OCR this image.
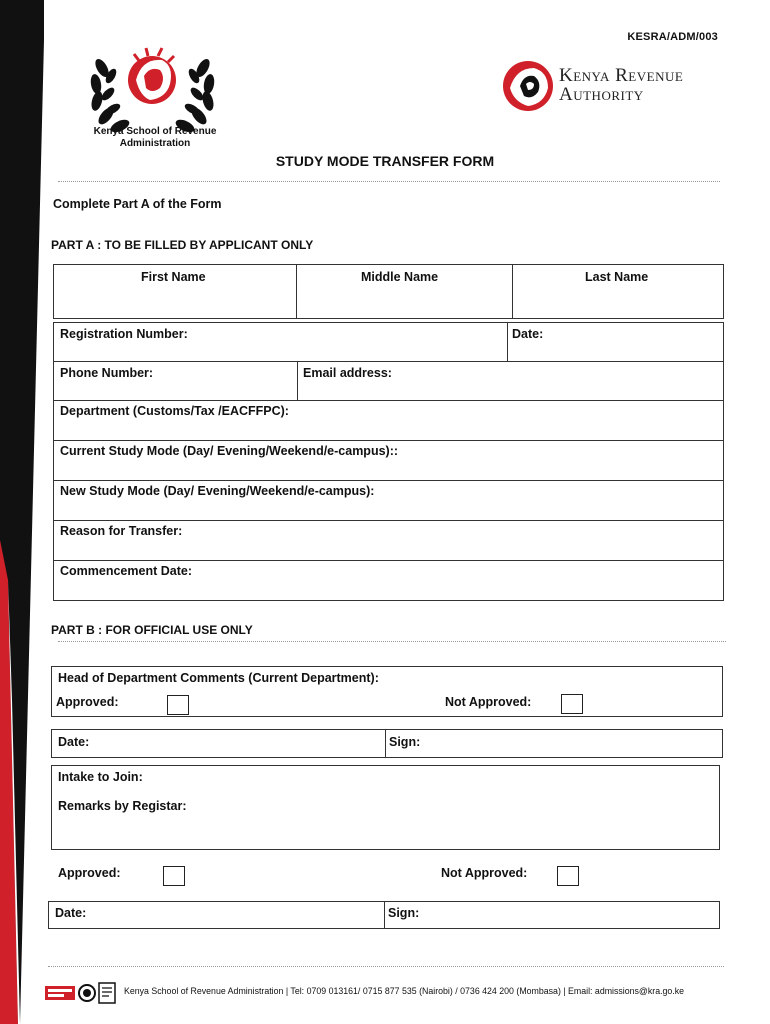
KESRA/ADM/003
Kenya School of Revenue
Administration
Kenya Revenue
Authority
STUDY MODE TRANSFER FORM
Complete Part A of the Form
PART A : TO BE FILLED BY APPLICANT ONLY
First Name	Middle Name	Last Name
Registration Number:	Date:
Phone Number:	Email address:
Department (Customs/Tax /EACFFPC):
Current Study Mode (Day/ Evening/Weekend/e-campus)::
New Study Mode (Day/ Evening/Weekend/e-campus):
Reason for Transfer:
Commencement Date:
PART B : FOR OFFICIAL USE ONLY
Head of Department Comments (Current Department):
Approved:	Not Approved:
Date:	Sign:
Intake to Join:
Remarks by Registar:
Approved:	Not Approved:
Date:	Sign:
Kenya School of Revenue Administration | Tel: 0709 013161/ 0715 877 535 (Nairobi) / 0736 424 200 (Mombasa) | Email: admissions@kra.go.ke
